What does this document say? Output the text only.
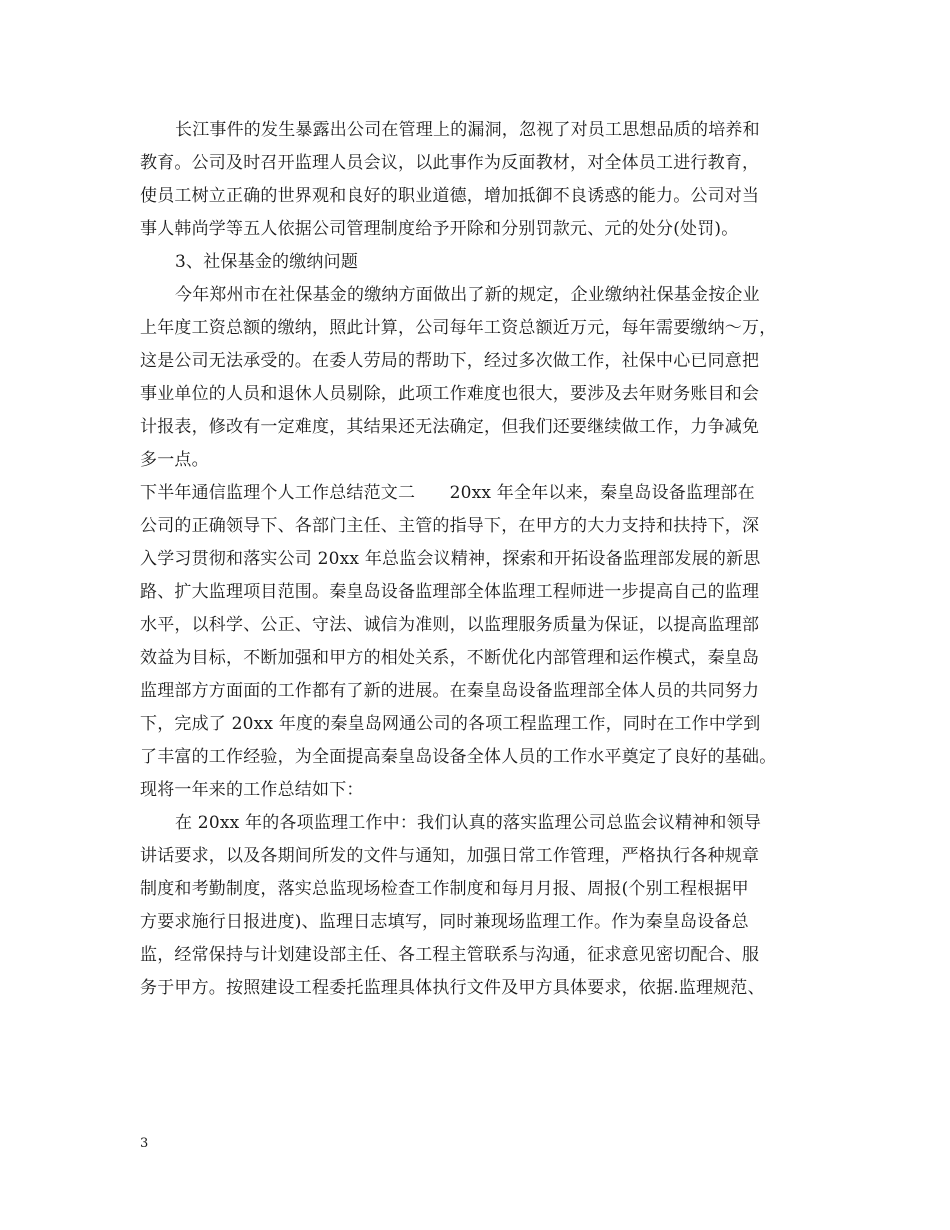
长江事件的发生暴露出公司在管理上的漏洞，忽视了对员工思想品质的培养和
教育。公司及时召开监理人员会议，以此事作为反面教材，对全体员工进行教育，
使员工树立正确的世界观和良好的职业道德，增加抵御不良诱惑的能力。公司对当
事人韩尚学等五人依据公司管理制度给予开除和分别罚款元、元的处分(处罚)。
3、社保基金的缴纳问题
今年郑州市在社保基金的缴纳方面做出了新的规定，企业缴纳社保基金按企业
上年度工资总额的缴纳，照此计算，公司每年工资总额近万元，每年需要缴纳～万，
这是公司无法承受的。在委人劳局的帮助下，经过多次做工作，社保中心已同意把
事业单位的人员和退休人员剔除，此项工作难度也很大，要涉及去年财务账目和会
计报表，修改有一定难度，其结果还无法确定，但我们还要继续做工作，力争减免
多一点。
下半年通信监理个人工作总结范文二　　20xx 年全年以来，秦皇岛设备监理部在
公司的正确领导下、各部门主任、主管的指导下，在甲方的大力支持和扶持下，深
入学习贯彻和落实公司 20xx 年总监会议精神，探索和开拓设备监理部发展的新思
路、扩大监理项目范围。秦皇岛设备监理部全体监理工程师进一步提高自己的监理
水平，以科学、公正、守法、诚信为准则，以监理服务质量为保证，以提高监理部
效益为目标，不断加强和甲方的相处关系，不断优化内部管理和运作模式，秦皇岛
监理部方方面面的工作都有了新的进展。在秦皇岛设备监理部全体人员的共同努力
下，完成了 20xx 年度的秦皇岛网通公司的各项工程监理工作，同时在工作中学到
了丰富的工作经验，为全面提高秦皇岛设备全体人员的工作水平奠定了良好的基础。
现将一年来的工作总结如下：
在 20xx 年的各项监理工作中：我们认真的落实监理公司总监会议精神和领导
讲话要求，以及各期间所发的文件与通知，加强日常工作管理，严格执行各种规章
制度和考勤制度，落实总监现场检查工作制度和每月月报、周报(个别工程根据甲
方要求施行日报进度)、监理日志填写，同时兼现场监理工作。作为秦皇岛设备总
监，经常保持与计划建设部主任、各工程主管联系与沟通，征求意见密切配合、服
务于甲方。按照建设工程委托监理具体执行文件及甲方具体要求，依据.监理规范、
3
